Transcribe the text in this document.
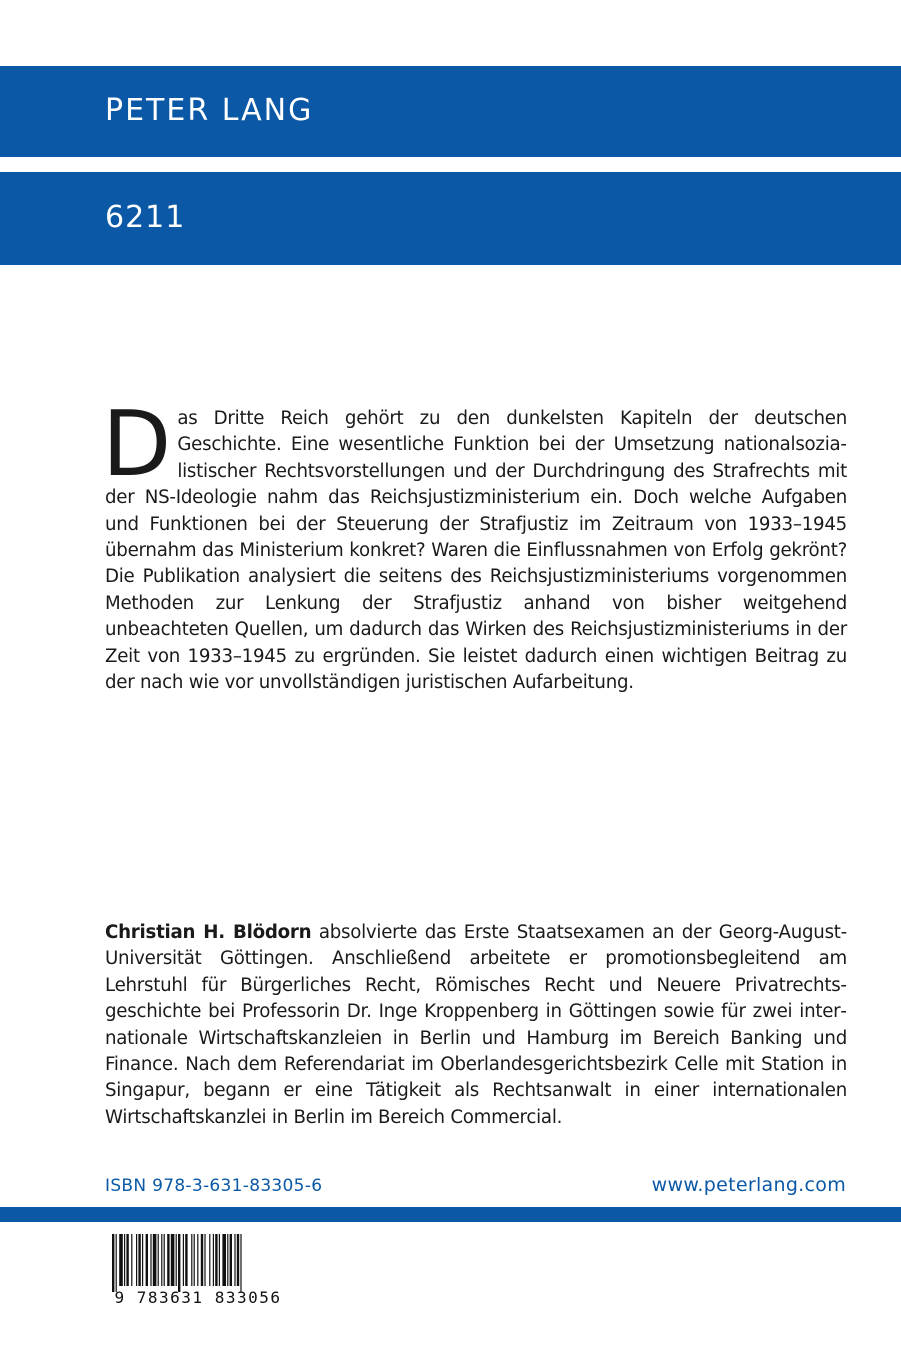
PETER LANG
6211

Das Dritte Reich gehört zu den dunkelsten Kapiteln der deutschen Geschichte. Eine wesentliche Funktion bei der Umsetzung nationalsozialistischer Rechtsvorstellungen und der Durchdringung des Strafrechts mit der NS-Ideologie nahm das Reichsjustizministerium ein. Doch welche Aufgaben und Funktionen bei der Steuerung der Strafjustiz im Zeitraum von 1933–1945 übernahm das Ministerium konkret? Waren die Einflussnahmen von Erfolg gekrönt? Die Publikation analysiert die seitens des Reichsjustizministeriums vorgenommen Methoden zur Lenkung der Strafjustiz anhand von bisher weitgehend unbeachteten Quellen, um dadurch das Wirken des Reichsjustizministeriums in der Zeit von 1933–1945 zu ergründen. Sie leistet dadurch einen wichtigen Beitrag zu der nach wie vor unvollständigen juristischen Aufarbeitung.

Christian H. Blödorn absolvierte das Erste Staatsexamen an der Georg-August-Universität Göttingen. Anschließend arbeitete er promotionsbegleitend am Lehrstuhl für Bürgerliches Recht, Römisches Recht und Neuere Privatrechtsgeschichte bei Professorin Dr. Inge Kroppenberg in Göttingen sowie für zwei internationale Wirtschaftskanzleien in Berlin und Hamburg im Bereich Banking und Finance. Nach dem Referendariat im Oberlandesgerichtsbezirk Celle mit Station in Singapur, begann er eine Tätigkeit als Rechtsanwalt in einer internationalen Wirtschaftskanzlei in Berlin im Bereich Commercial.

ISBN 978-3-631-83305-6	www.peterlang.com
9 783631 833056
